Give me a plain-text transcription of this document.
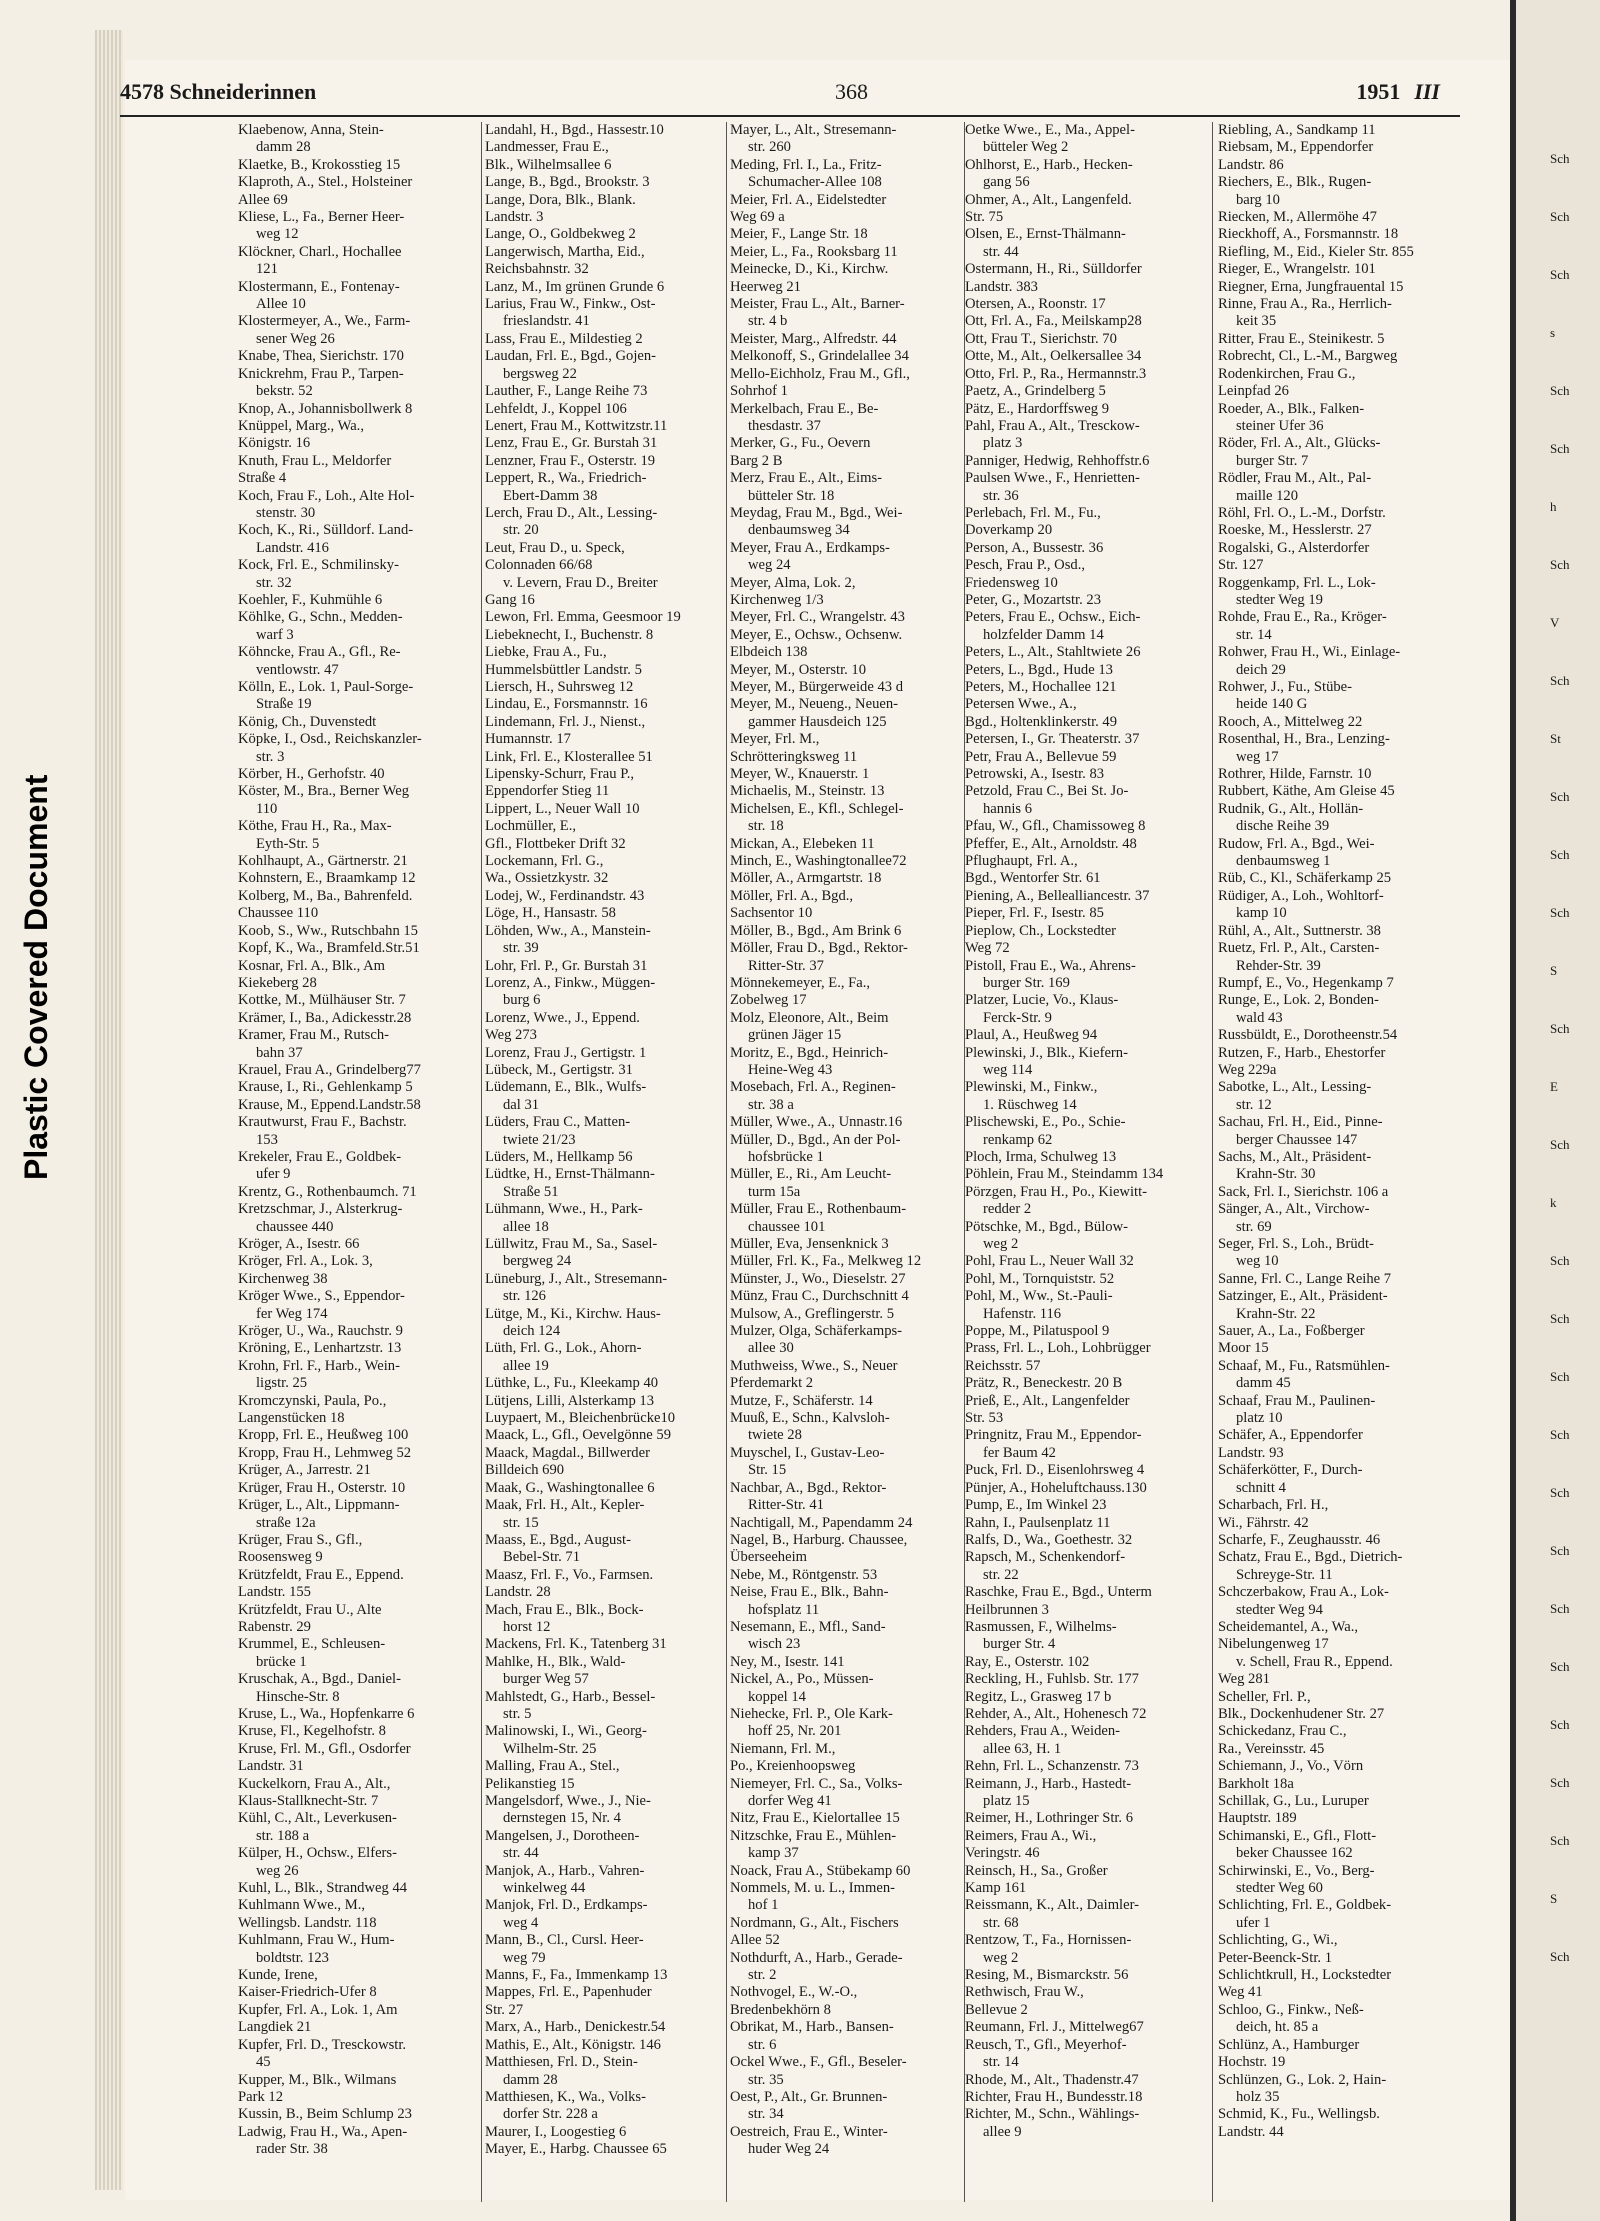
Plastic Covered Document
4578 Schneiderinnen	368	1951 III
Klaebenow, Anna, Stein-
damm 28
Klaetke, B., Krokosstieg 15
Klaproth, A., Stel., Holsteiner
Allee 69
Kliese, L., Fa., Berner Heer-
weg 12
Klöckner, Charl., Hochallee
121
Klostermann, E., Fontenay-
Allee 10
Klostermeyer, A., We., Farm-
sener Weg 26
Knabe, Thea, Sierichstr. 170
Knickrehm, Frau P., Tarpen-
bekstr. 52
Knop, A., Johannisbollwerk 8
Knüppel, Marg., Wa.,
Königstr. 16
Knuth, Frau L., Meldorfer
Straße 4
Koch, Frau F., Loh., Alte Hol-
stenstr. 30
Koch, K., Ri., Sülldorf. Land-
Landstr. 416
Kock, Frl. E., Schmilinsky-
str. 32
Koehler, F., Kuhmühle 6
Köhlke, G., Schn., Medden-
warf 3
Köhncke, Frau A., Gfl., Re-
ventlowstr. 47
Kölln, E., Lok. 1, Paul-Sorge-
Straße 19
König, Ch., Duvenstedt
Köpke, I., Osd., Reichskanzler-
str. 3
Körber, H., Gerhofstr. 40
Köster, M., Bra., Berner Weg
110
Köthe, Frau H., Ra., Max-
Eyth-Str. 5
Kohlhaupt, A., Gärtnerstr. 21
Kohnstern, E., Braamkamp 12
Kolberg, M., Ba., Bahrenfeld.
Chaussee 110
Koob, S., Ww., Rutschbahn 15
Kopf, K., Wa., Bramfeld.Str.51
Kosnar, Frl. A., Blk., Am
Kiekeberg 28
Kottke, M., Mülhäuser Str. 7
Krämer, I., Ba., Adickesstr.28
Kramer, Frau M., Rutsch-
bahn 37
Krauel, Frau A., Grindelberg77
Krause, I., Ri., Gehlenkamp 5
Krause, M., Eppend.Landstr.58
Krautwurst, Frau F., Bachstr.
153
Krekeler, Frau E., Goldbek-
ufer 9
Krentz, G., Rothenbaumch. 71
Kretzschmar, J., Alsterkrug-
chaussee 440
Kröger, A., Isestr. 66
Kröger, Frl. A., Lok. 3,
Kirchenweg 38
Kröger Wwe., S., Eppendor-
fer Weg 174
Kröger, U., Wa., Rauchstr. 9
Kröning, E., Lenhartzstr. 13
Krohn, Frl. F., Harb., Wein-
ligstr. 25
Kromczynski, Paula, Po.,
Langenstücken 18
Kropp, Frl. E., Heußweg 100
Kropp, Frau H., Lehmweg 52
Krüger, A., Jarrestr. 21
Krüger, Frau H., Osterstr. 10
Krüger, L., Alt., Lippmann-
straße 12a
Krüger, Frau S., Gfl.,
Roosensweg 9
Krützfeldt, Frau E., Eppend.
Landstr. 155
Krützfeldt, Frau U., Alte
Rabenstr. 29
Krummel, E., Schleusen-
brücke 1
Kruschak, A., Bgd., Daniel-
Hinsche-Str. 8
Kruse, L., Wa., Hopfenkarre 6
Kruse, Fl., Kegelhofstr. 8
Kruse, Frl. M., Gfl., Osdorfer
Landstr. 31
Kuckelkorn, Frau A., Alt.,
Klaus-Stallknecht-Str. 7
Kühl, C., Alt., Leverkusen-
str. 188 a
Külper, H., Ochsw., Elfers-
weg 26
Kuhl, L., Blk., Strandweg 44
Kuhlmann Wwe., M.,
Wellingsb. Landstr. 118
Kuhlmann, Frau W., Hum-
boldtstr. 123
Kunde, Irene,
Kaiser-Friedrich-Ufer 8
Kupfer, Frl. A., Lok. 1, Am
Langdiek 21
Kupfer, Frl. D., Tresckowstr.
45
Kupper, M., Blk., Wilmans
Park 12
Kussin, B., Beim Schlump 23
Ladwig, Frau H., Wa., Apen-
rader Str. 38
Landahl, H., Bgd., Hassestr.10
Landmesser, Frau E.,
Blk., Wilhelmsallee 6
Lange, B., Bgd., Brookstr. 3
Lange, Dora, Blk., Blank.
Landstr. 3
Lange, O., Goldbekweg 2
Langerwisch, Martha, Eid.,
Reichsbahnstr. 32
Lanz, M., Im grünen Grunde 6
Larius, Frau W., Finkw., Ost-
frieslandstr. 41
Lass, Frau E., Mildestieg 2
Laudan, Frl. E., Bgd., Gojen-
bergsweg 22
Lauther, F., Lange Reihe 73
Lehfeldt, J., Koppel 106
Lenert, Frau M., Kottwitzstr.11
Lenz, Frau E., Gr. Burstah 31
Lenzner, Frau F., Osterstr. 19
Leppert, R., Wa., Friedrich-
Ebert-Damm 38
Lerch, Frau D., Alt., Lessing-
str. 20
Leut, Frau D., u. Speck,
Colonnaden 66/68
v. Levern, Frau D., Breiter
Gang 16
Lewon, Frl. Emma, Geesmoor 19
Liebeknecht, I., Buchenstr. 8
Liebke, Frau A., Fu.,
Hummelsbüttler Landstr. 5
Liersch, H., Suhrsweg 12
Lindau, E., Forsmannstr. 16
Lindemann, Frl. J., Nienst.,
Humannstr. 17
Link, Frl. E., Klosterallee 51
Lipensky-Schurr, Frau P.,
Eppendorfer Stieg 11
Lippert, L., Neuer Wall 10
Lochmüller, E.,
Gfl., Flottbeker Drift 32
Lockemann, Frl. G.,
Wa., Ossietzkystr. 32
Lodej, W., Ferdinandstr. 43
Löge, H., Hansastr. 58
Löhden, Ww., A., Manstein-
str. 39
Lohr, Frl. P., Gr. Burstah 31
Lorenz, A., Finkw., Müggen-
burg 6
Lorenz, Wwe., J., Eppend.
Weg 273
Lorenz, Frau J., Gertigstr. 1
Lübeck, M., Gertigstr. 31
Lüdemann, E., Blk., Wulfs-
dal 31
Lüders, Frau C., Matten-
twiete 21/23
Lüders, M., Hellkamp 56
Lüdtke, H., Ernst-Thälmann-
Straße 51
Lühmann, Wwe., H., Park-
allee 18
Lüllwitz, Frau M., Sa., Sasel-
bergweg 24
Lüneburg, J., Alt., Stresemann-
str. 126
Lütge, M., Ki., Kirchw. Haus-
deich 124
Lüth, Frl. G., Lok., Ahorn-
allee 19
Lüthke, L., Fu., Kleekamp 40
Lütjens, Lilli, Alsterkamp 13
Luypaert, M., Bleichenbrücke10
Maack, L., Gfl., Oevelgönne 59
Maack, Magdal., Billwerder
Billdeich 690
Maak, G., Washingtonallee 6
Maak, Frl. H., Alt., Kepler-
str. 15
Maass, E., Bgd., August-
Bebel-Str. 71
Maasz, Frl. F., Vo., Farmsen.
Landstr. 28
Mach, Frau E., Blk., Bock-
horst 12
Mackens, Frl. K., Tatenberg 31
Mahlke, H., Blk., Wald-
burger Weg 57
Mahlstedt, G., Harb., Bessel-
str. 5
Malinowski, I., Wi., Georg-
Wilhelm-Str. 25
Malling, Frau A., Stel.,
Pelikanstieg 15
Mangelsdorf, Wwe., J., Nie-
dernstegen 15, Nr. 4
Mangelsen, J., Dorotheen-
str. 44
Manjok, A., Harb., Vahren-
winkelweg 44
Manjok, Frl. D., Erdkamps-
weg 4
Mann, B., Cl., Cursl. Heer-
weg 79
Manns, F., Fa., Immenkamp 13
Mappes, Frl. E., Papenhuder
Str. 27
Marx, A., Harb., Denickestr.54
Mathis, E., Alt., Königstr. 146
Matthiesen, Frl. D., Stein-
damm 28
Matthiesen, K., Wa., Volks-
dorfer Str. 228 a
Maurer, I., Loogestieg 6
Mayer, E., Harbg. Chaussee 65
Mayer, L., Alt., Stresemann-
str. 260
Meding, Frl. I., La., Fritz-
Schumacher-Allee 108
Meier, Frl. A., Eidelstedter
Weg 69 a
Meier, F., Lange Str. 18
Meier, L., Fa., Rooksbarg 11
Meinecke, D., Ki., Kirchw.
Heerweg 21
Meister, Frau L., Alt., Barner-
str. 4 b
Meister, Marg., Alfredstr. 44
Melkonoff, S., Grindelallee 34
Mello-Eichholz, Frau M., Gfl.,
Sohrhof 1
Merkelbach, Frau E., Be-
thesdastr. 37
Merker, G., Fu., Oevern
Barg 2 B
Merz, Frau E., Alt., Eims-
bütteler Str. 18
Meydag, Frau M., Bgd., Wei-
denbaumsweg 34
Meyer, Frau A., Erdkamps-
weg 24
Meyer, Alma, Lok. 2,
Kirchenweg 1/3
Meyer, Frl. C., Wrangelstr. 43
Meyer, E., Ochsw., Ochsenw.
Elbdeich 138
Meyer, M., Osterstr. 10
Meyer, M., Bürgerweide 43 d
Meyer, M., Neueng., Neuen-
gammer Hausdeich 125
Meyer, Frl. M.,
Schrötteringksweg 11
Meyer, W., Knauerstr. 1
Michaelis, M., Steinstr. 13
Michelsen, E., Kfl., Schlegel-
str. 18
Mickan, A., Elebeken 11
Minch, E., Washingtonallee72
Möller, A., Armgartstr. 18
Möller, Frl. A., Bgd.,
Sachsentor 10
Möller, B., Bgd., Am Brink 6
Möller, Frau D., Bgd., Rektor-
Ritter-Str. 37
Mönnekemeyer, E., Fa.,
Zobelweg 17
Molz, Eleonore, Alt., Beim
grünen Jäger 15
Moritz, E., Bgd., Heinrich-
Heine-Weg 43
Mosebach, Frl. A., Reginen-
str. 38 a
Müller, Wwe., A., Unnastr.16
Müller, D., Bgd., An der Pol-
hofsbrücke 1
Müller, E., Ri., Am Leucht-
turm 15a
Müller, Frau E., Rothenbaum-
chaussee 101
Müller, Eva, Jensenknick 3
Müller, Frl. K., Fa., Melkweg 12
Münster, J., Wo., Dieselstr. 27
Münz, Frau C., Durchschnitt 4
Mulsow, A., Greflingerstr. 5
Mulzer, Olga, Schäferkamps-
allee 30
Muthweiss, Wwe., S., Neuer
Pferdemarkt 2
Mutze, F., Schäferstr. 14
Muuß, E., Schn., Kalvsloh-
twiete 28
Muyschel, I., Gustav-Leo-
Str. 15
Nachbar, A., Bgd., Rektor-
Ritter-Str. 41
Nachtigall, M., Papendamm 24
Nagel, B., Harburg. Chaussee,
Überseeheim
Nebe, M., Röntgenstr. 53
Neise, Frau E., Blk., Bahn-
hofsplatz 11
Nesemann, E., Mfl., Sand-
wisch 23
Ney, M., Isestr. 141
Nickel, A., Po., Müssen-
koppel 14
Niehecke, Frl. P., Ole Kark-
hoff 25, Nr. 201
Niemann, Frl. M.,
Po., Kreienhoopsweg
Niemeyer, Frl. C., Sa., Volks-
dorfer Weg 41
Nitz, Frau E., Kielortallee 15
Nitzschke, Frau E., Mühlen-
kamp 37
Noack, Frau A., Stübekamp 60
Nommels, M. u. L., Immen-
hof 1
Nordmann, G., Alt., Fischers
Allee 52
Nothdurft, A., Harb., Gerade-
str. 2
Nothvogel, E., W.-O.,
Bredenbekhörn 8
Obrikat, M., Harb., Bansen-
str. 6
Ockel Wwe., F., Gfl., Beseler-
str. 35
Oest, P., Alt., Gr. Brunnen-
str. 34
Oestreich, Frau E., Winter-
huder Weg 24
Oetke Wwe., E., Ma., Appel-
bütteler Weg 2
Ohlhorst, E., Harb., Hecken-
gang 56
Ohmer, A., Alt., Langenfeld.
Str. 75
Olsen, E., Ernst-Thälmann-
str. 44
Ostermann, H., Ri., Sülldorfer
Landstr. 383
Otersen, A., Roonstr. 17
Ott, Frl. A., Fa., Meilskamp28
Ott, Frau T., Sierichstr. 70
Otte, M., Alt., Oelkersallee 34
Otto, Frl. P., Ra., Hermannstr.3
Paetz, A., Grindelberg 5
Pätz, E., Hardorffsweg 9
Pahl, Frau A., Alt., Tresckow-
platz 3
Panniger, Hedwig, Rehhoffstr.6
Paulsen Wwe., F., Henrietten-
str. 36
Perlebach, Frl. M., Fu.,
Doverkamp 20
Person, A., Bussestr. 36
Pesch, Frau P., Osd.,
Friedensweg 10
Peter, G., Mozartstr. 23
Peters, Frau E., Ochsw., Eich-
holzfelder Damm 14
Peters, L., Alt., Stahltwiete 26
Peters, L., Bgd., Hude 13
Peters, M., Hochallee 121
Petersen Wwe., A.,
Bgd., Holtenklinkerstr. 49
Petersen, I., Gr. Theaterstr. 37
Petr, Frau A., Bellevue 59
Petrowski, A., Isestr. 83
Petzold, Frau C., Bei St. Jo-
hannis 6
Pfau, W., Gfl., Chamissoweg 8
Pfeffer, E., Alt., Arnoldstr. 48
Pflughaupt, Frl. A.,
Bgd., Wentorfer Str. 61
Piening, A., Bellealliancestr. 37
Pieper, Frl. F., Isestr. 85
Pieplow, Ch., Lockstedter
Weg 72
Pistoll, Frau E., Wa., Ahrens-
burger Str. 169
Platzer, Lucie, Vo., Klaus-
Ferck-Str. 9
Plaul, A., Heußweg 94
Plewinski, J., Blk., Kiefern-
weg 114
Plewinski, M., Finkw.,
1. Rüschweg 14
Plischewski, E., Po., Schie-
renkamp 62
Ploch, Irma, Schulweg 13
Pöhlein, Frau M., Steindamm 134
Pörzgen, Frau H., Po., Kiewitt-
redder 2
Pötschke, M., Bgd., Bülow-
weg 2
Pohl, Frau L., Neuer Wall 32
Pohl, M., Tornquiststr. 52
Pohl, M., Ww., St.-Pauli-
Hafenstr. 116
Poppe, M., Pilatuspool 9
Prass, Frl. L., Loh., Lohbrügger
Reichsstr. 57
Prätz, R., Beneckestr. 20 B
Prieß, E., Alt., Langenfelder
Str. 53
Pringnitz, Frau M., Eppendor-
fer Baum 42
Puck, Frl. D., Eisenlohrsweg 4
Pünjer, A., Hoheluftchauss.130
Pump, E., Im Winkel 23
Rahn, I., Paulsenplatz 11
Ralfs, D., Wa., Goethestr. 32
Rapsch, M., Schenkendorf-
str. 22
Raschke, Frau E., Bgd., Unterm
Heilbrunnen 3
Rasmussen, F., Wilhelms-
burger Str. 4
Ray, E., Osterstr. 102
Reckling, H., Fuhlsb. Str. 177
Regitz, L., Grasweg 17 b
Rehder, A., Alt., Hohenesch 72
Rehders, Frau A., Weiden-
allee 63, H. 1
Rehn, Frl. L., Schanzenstr. 73
Reimann, J., Harb., Hastedt-
platz 15
Reimer, H., Lothringer Str. 6
Reimers, Frau A., Wi.,
Veringstr. 46
Reinsch, H., Sa., Großer
Kamp 161
Reissmann, K., Alt., Daimler-
str. 68
Rentzow, T., Fa., Hornissen-
weg 2
Resing, M., Bismarckstr. 56
Rethwisch, Frau W.,
Bellevue 2
Reumann, Frl. J., Mittelweg67
Reusch, T., Gfl., Meyerhof-
str. 14
Rhode, M., Alt., Thadenstr.47
Richter, Frau H., Bundesstr.18
Richter, M., Schn., Wählings-
allee 9
Riebling, A., Sandkamp 11
Riebsam, M., Eppendorfer
Landstr. 86
Riechers, E., Blk., Rugen-
barg 10
Riecken, M., Allermöhe 47
Rieckhoff, A., Forsmannstr. 18
Riefling, M., Eid., Kieler Str. 855
Rieger, E., Wrangelstr. 101
Riegner, Erna, Jungfrauental 15
Rinne, Frau A., Ra., Herrlich-
keit 35
Ritter, Frau E., Steinikestr. 5
Robrecht, Cl., L.-M., Bargweg
Rodenkirchen, Frau G.,
Leinpfad 26
Roeder, A., Blk., Falken-
steiner Ufer 36
Röder, Frl. A., Alt., Glücks-
burger Str. 7
Rödler, Frau M., Alt., Pal-
maille 120
Röhl, Frl. O., L.-M., Dorfstr.
Roeske, M., Hesslerstr. 27
Rogalski, G., Alsterdorfer
Str. 127
Roggenkamp, Frl. L., Lok-
stedter Weg 19
Rohde, Frau E., Ra., Kröger-
str. 14
Rohwer, Frau H., Wi., Einlage-
deich 29
Rohwer, J., Fu., Stübe-
heide 140 G
Rooch, A., Mittelweg 22
Rosenthal, H., Bra., Lenzing-
weg 17
Rothrer, Hilde, Farnstr. 10
Rubbert, Käthe, Am Gleise 45
Rudnik, G., Alt., Hollän-
dische Reihe 39
Rudow, Frl. A., Bgd., Wei-
denbaumsweg 1
Rüb, C., Kl., Schäferkamp 25
Rüdiger, A., Loh., Wohltorf-
kamp 10
Rühl, A., Alt., Suttnerstr. 38
Ruetz, Frl. P., Alt., Carsten-
Rehder-Str. 39
Rumpf, E., Vo., Hegenkamp 7
Runge, E., Lok. 2, Bonden-
wald 43
Russbüldt, E., Dorotheenstr.54
Rutzen, F., Harb., Ehestorfer
Weg 229a
Sabotke, L., Alt., Lessing-
str. 12
Sachau, Frl. H., Eid., Pinne-
berger Chaussee 147
Sachs, M., Alt., Präsident-
Krahn-Str. 30
Sack, Frl. I., Sierichstr. 106 a
Sänger, A., Alt., Virchow-
str. 69
Seger, Frl. S., Loh., Brüdt-
weg 10
Sanne, Frl. C., Lange Reihe 7
Satzinger, E., Alt., Präsident-
Krahn-Str. 22
Sauer, A., La., Foßberger
Moor 15
Schaaf, M., Fu., Ratsmühlen-
damm 45
Schaaf, Frau M., Paulinen-
platz 10
Schäfer, A., Eppendorfer
Landstr. 93
Schäferkötter, F., Durch-
schnitt 4
Scharbach, Frl. H.,
Wi., Fährstr. 42
Scharfe, F., Zeughausstr. 46
Schatz, Frau E., Bgd., Dietrich-
Schreyge-Str. 11
Schczerbakow, Frau A., Lok-
stedter Weg 94
Scheidemantel, A., Wa.,
Nibelungenweg 17
v. Schell, Frau R., Eppend.
Weg 281
Scheller, Frl. P.,
Blk., Dockenhudener Str. 27
Schickedanz, Frau C.,
Ra., Vereinsstr. 45
Schiemann, J., Vo., Vörn
Barkholt 18a
Schillak, G., Lu., Luruper
Hauptstr. 189
Schimanski, E., Gfl., Flott-
beker Chaussee 162
Schirwinski, E., Vo., Berg-
stedter Weg 60
Schlichting, Frl. E., Goldbek-
ufer 1
Schlichting, G., Wi.,
Peter-Beenck-Str. 1
Schlichtkrull, H., Lockstedter
Weg 41
Schloo, G., Finkw., Neß-
deich, ht. 85 a
Schlünz, A., Hamburger
Hochstr. 19
Schlünzen, G., Lok. 2, Hain-
holz 35
Schmid, K., Fu., Wellingsb.
Landstr. 44
Sch
Sch
Sch
s
Sch
Sch
h
Sch
V
Sch
St
Sch
Sch
Sch
S
Sch
E
Sch
k
Sch
Sch
Sch
Sch
Sch
Sch
Sch
Sch
Sch
Sch
Sch
S
Sch
